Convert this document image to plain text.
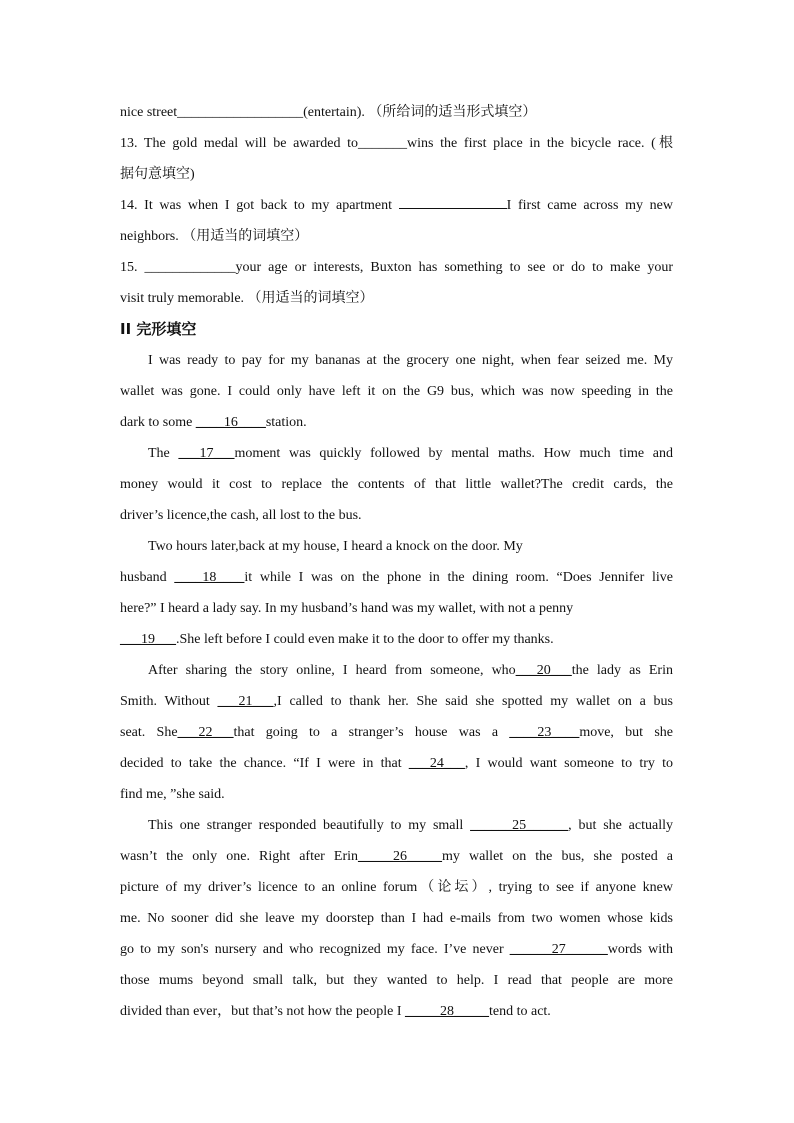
nice street__________________(entertain). （所给词的适当形式填空）

13. The gold medal will be awarded to_______wins the first place in the bicycle race. (根

据句意填空)

14. It was when I got back to my apartment	I first came across my new

neighbors. （用适当的词填空）

15. _____________your age or interests, Buxton has something to see or do to make your

visit truly memorable. （用适当的词填空）

II 完形填空

I was ready to pay for my bananas at the grocery one night, when fear seized me. My

wallet was gone. I could only have left it on the G9 bus, which was now speeding in the

dark to some ____16____station.

The ___17___moment was quickly followed by mental maths. How much time and

money would it cost to replace the contents of that little wallet?The credit cards, the

driver’s licence,the cash, all lost to the bus.

Two hours later,back at my house, I heard a knock on the door. My

husband ____18____it while I was on the phone in the dining room. “Does Jennifer live

here?” I heard a lady say. In my husband’s hand was my wallet, with not a penny

___19___.She left before I could even make it to the door to offer my thanks.

After sharing the story online, I heard from someone, who___20___the lady as Erin

Smith. Without ___21___,I called to thank her. She said she spotted my wallet on a bus

seat. She___22___that going to a stranger’s house was a ____23____move, but she

decided to take the chance. “If I were in that ___24___, I would want someone to try to

find me, ”she said.

This one stranger responded beautifully to my small ______25______, but she actually

wasn’t the only one. Right after Erin_____26_____my wallet on the bus, she posted a

picture of my driver’s licence to an online forum（论坛）, trying to see if anyone knew

me. No sooner did she leave my doorstep than I had e-mails from two women whose kids

go to my son's nursery and who recognized my face. I’ve never ______27______words with

those mums beyond small talk, but they wanted to help. I read that people are more

divided than ever，but that’s not how the people I _____28_____tend to act.
